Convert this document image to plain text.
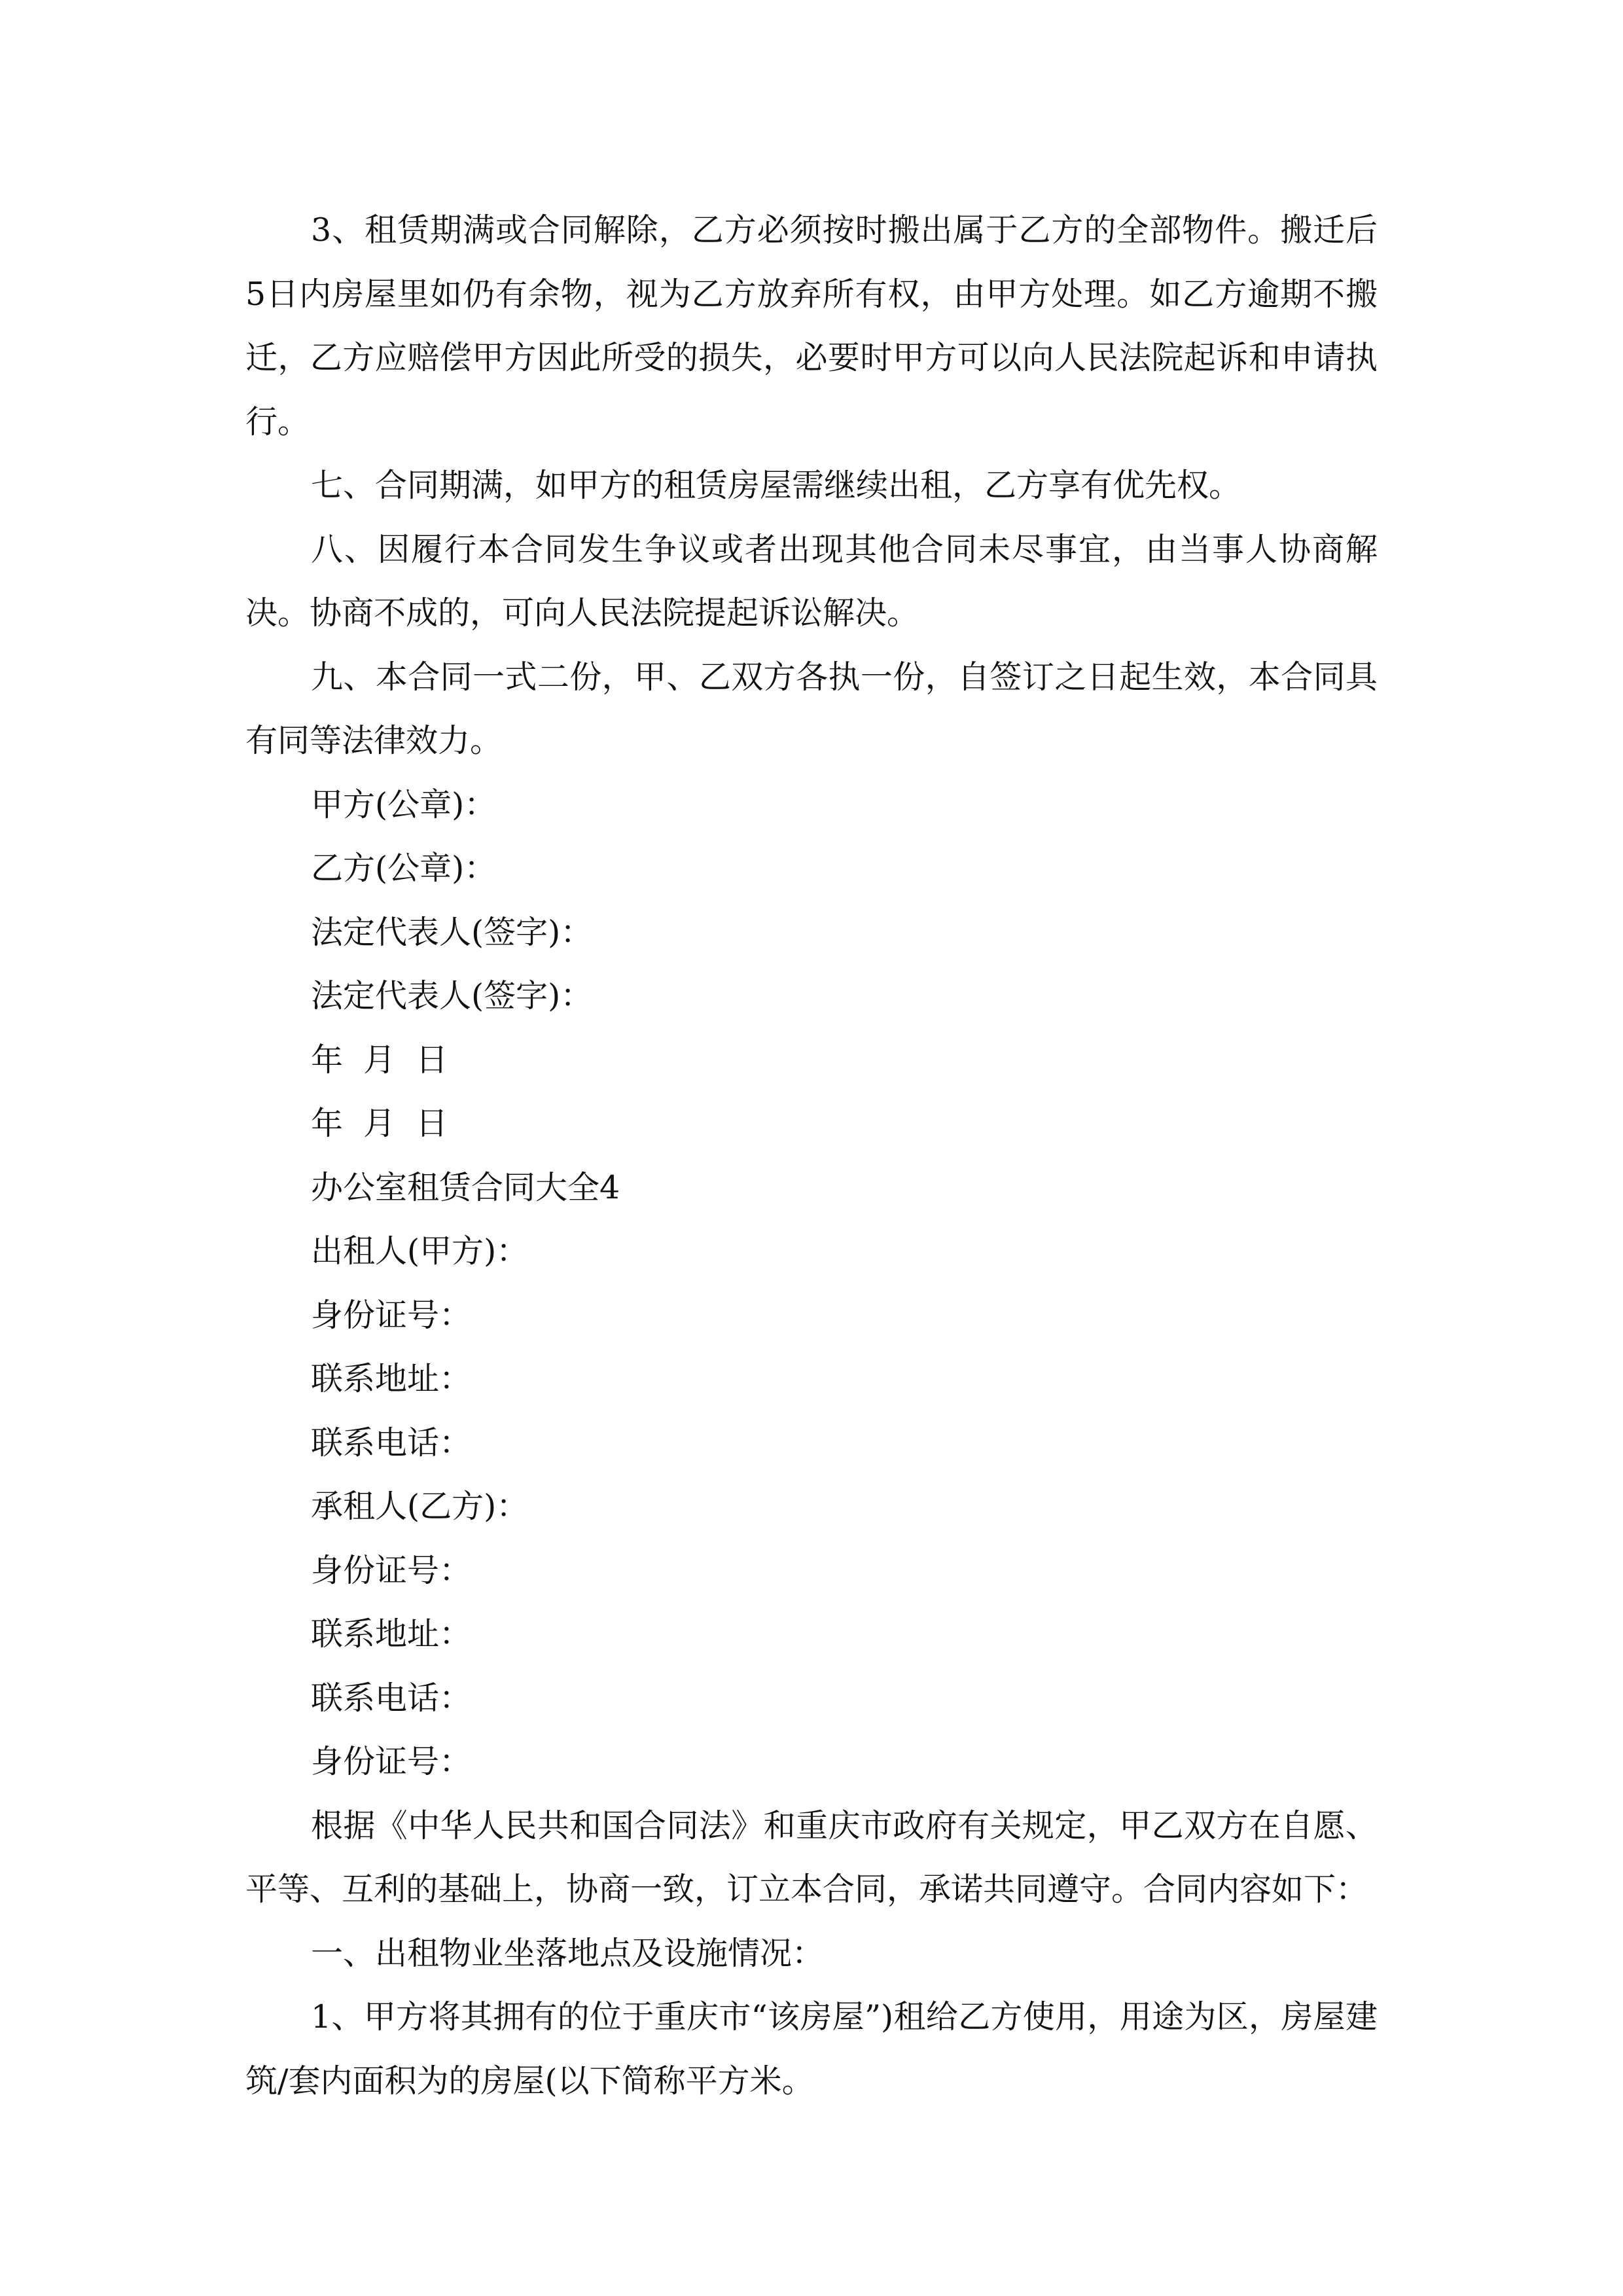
3、租赁期满或合同解除，乙方必须按时搬出属于乙方的全部物件。搬迁后5日内房屋里如仍有余物，视为乙方放弃所有权，由甲方处理。如乙方逾期不搬迁，乙方应赔偿甲方因此所受的损失，必要时甲方可以向人民法院起诉和申请执行。

七、合同期满，如甲方的租赁房屋需继续出租，乙方享有优先权。

八、因履行本合同发生争议或者出现其他合同未尽事宜，由当事人协商解决。协商不成的，可向人民法院提起诉讼解决。

九、本合同一式二份，甲、乙双方各执一份，自签订之日起生效，本合同具有同等法律效力。

甲方(公章)：

乙方(公章)：

法定代表人(签字)：

法定代表人(签字)：

年  月  日

年  月  日

办公室租赁合同大全4

出租人(甲方)：

身份证号：

联系地址：

联系电话：

承租人(乙方)：

身份证号：

联系地址：

联系电话：

身份证号：

根据《中华人民共和国合同法》和重庆市政府有关规定，甲乙双方在自愿、平等、互利的基础上，协商一致，订立本合同，承诺共同遵守。合同内容如下：

一、出租物业坐落地点及设施情况：

1、甲方将其拥有的位于重庆市“该房屋”)租给乙方使用，用途为区，房屋建筑/套内面积为的房屋(以下简称平方米。
